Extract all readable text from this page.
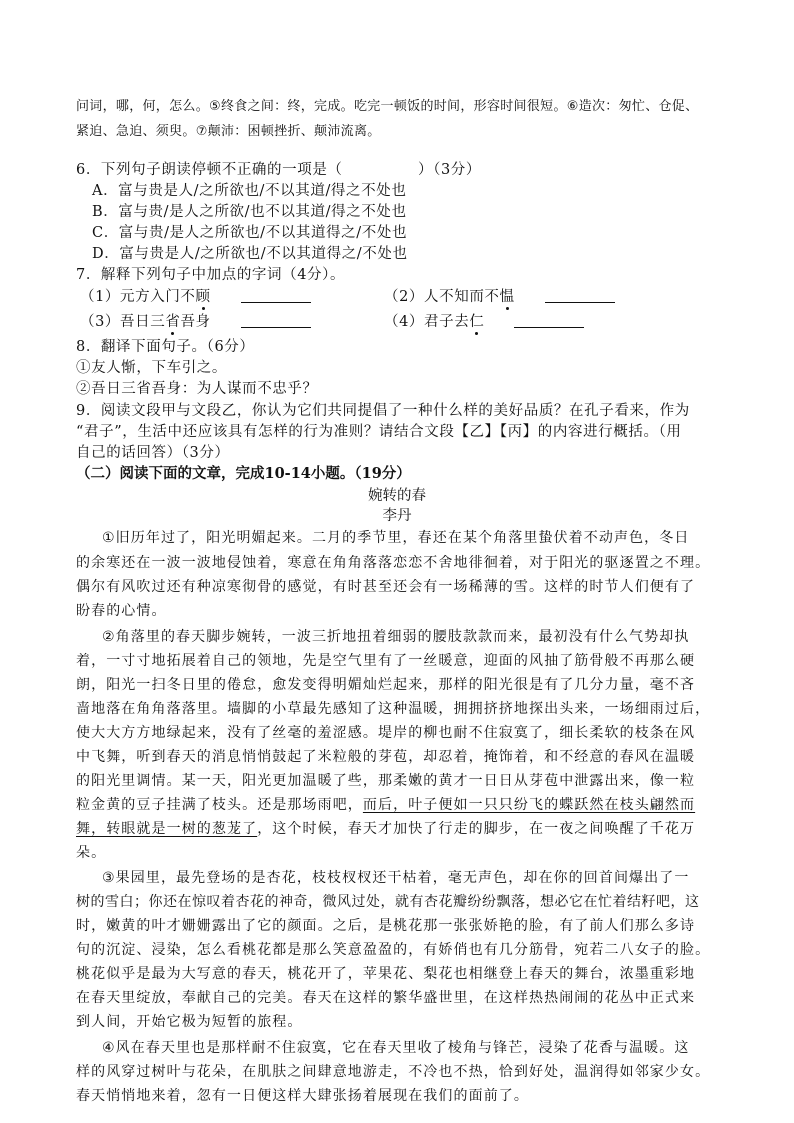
问词，哪，何，怎么。⑤终食之间：终，完成。吃完一顿饭的时间，形容时间很短。⑥造次：匆忙、仓促、
紧迫、急迫、须臾。⑦颠沛：困顿挫折、颠沛流离。
6．下列句子朗读停顿不正确的一项是（　　　　　）（3分）
A．富与贵是人/之所欲也/不以其道/得之不处也
B．富与贵/是人之所欲/也不以其道/得之不处也
C．富与贵/是人之所欲也/不以其道得之/不处也
D．富与贵是人/之所欲也/不以其道得之/不处也
7．解释下列句子中加点的字词（4分）。
（1）元方入门不顾	（2）人不知而不愠
（3）吾日三省吾身	（4）君子去仁
8．翻译下面句子。（6分）
①友人惭，下车引之。
②吾日三省吾身：为人谋而不忠乎？
9．阅读文段甲与文段乙，你认为它们共同提倡了一种什么样的美好品质？在孔子看来，作为
“君子”，生活中还应该具有怎样的行为准则？请结合文段【乙】【丙】的内容进行概括。（用
自己的话回答）（3分）
（二）阅读下面的文章，完成10-14小题。（19分）
婉转的春
李丹
①旧历年过了，阳光明媚起来。二月的季节里，春还在某个角落里蛰伏着不动声色，冬日
的余寒还在一波一波地侵蚀着，寒意在角角落落恋恋不舍地徘徊着，对于阳光的驱逐置之不理。
偶尔有风吹过还有种凉寒彻骨的感觉，有时甚至还会有一场稀薄的雪。这样的时节人们便有了
盼春的心情。
②角落里的春天脚步婉转，一波三折地扭着细弱的腰肢款款而来，最初没有什么气势却执
着，一寸寸地拓展着自己的领地，先是空气里有了一丝暖意，迎面的风抽了筋骨般不再那么硬
朗，阳光一扫冬日里的倦怠，愈发变得明媚灿烂起来，那样的阳光很是有了几分力量，毫不吝
啬地落在角角落落里。墙脚的小草最先感知了这种温暖，拥拥挤挤地探出头来，一场细雨过后，
使大大方方地绿起来，没有了丝毫的羞涩感。堤岸的柳也耐不住寂寞了，细长柔软的枝条在风
中飞舞，听到春天的消息悄悄鼓起了米粒般的芽苞，却忍着，掩饰着，和不经意的春风在温暖
的阳光里调情。某一天，阳光更加温暖了些，那柔嫩的黄才一日日从芽苞中泄露出来，像一粒
粒金黄的豆子挂满了枝头。还是那场雨吧，而后，叶子便如一只只纷飞的蝶跃然在枝头翩然而
舞，转眼就是一树的葱茏了，这个时候，春天才加快了行走的脚步，在一夜之间唤醒了千花万
朵。
③果园里，最先登场的是杏花，枝枝杈杈还干枯着，毫无声色，却在你的回首间爆出了一
树的雪白；你还在惊叹着杏花的神奇，微风过处，就有杏花瓣纷纷飘落，想必它在忙着结籽吧，这
时，嫩黄的叶才姗姗露出了它的颜面。之后，是桃花那一张张娇艳的脸，有了前人们那么多诗
句的沉淀、浸染，怎么看桃花都是那么笑意盈盈的，有娇俏也有几分筋骨，宛若二八女子的脸。
桃花似乎是最为大写意的春天，桃花开了，苹果花、梨花也相继登上春天的舞台，浓墨重彩地
在春天里绽放，奉献自己的完美。春天在这样的繁华盛世里，在这样热热闹闹的花丛中正式来
到人间，开始它极为短暂的旅程。
④风在春天里也是那样耐不住寂寞，它在春天里收了棱角与锋芒，浸染了花香与温暖。这
样的风穿过树叶与花朵，在肌肤之间肆意地游走，不冷也不热，恰到好处，温润得如邻家少女。
春天悄悄地来着，忽有一日便这样大肆张扬着展现在我们的面前了。
